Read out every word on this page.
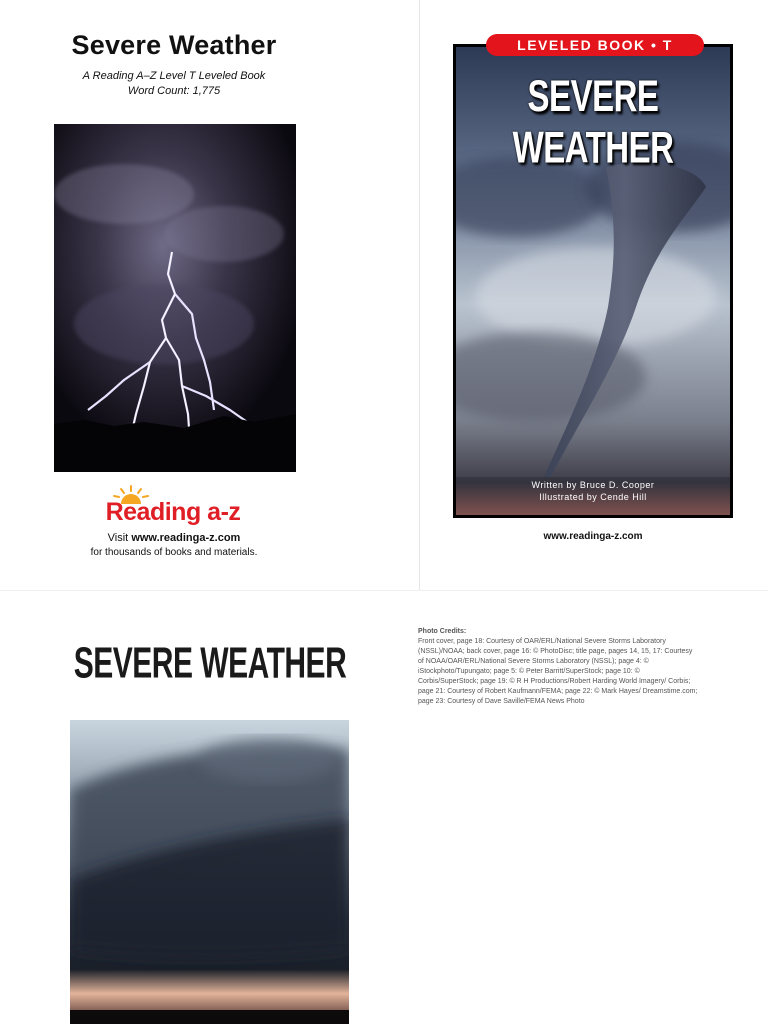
Severe Weather
A Reading A–Z Level T Leveled Book
Word Count: 1,775
Reading a-z
Visit www.readinga-z.com
for thousands of books and materials.
LEVELED BOOK • T
SEVERE WEATHER
Written by Bruce D. Cooper
Illustrated by Cende Hill
www.readinga-z.com
SEVERE WEATHER
Photo Credits:
Front cover, page 18: Courtesy of OAR/ERL/National Severe Storms Laboratory (NSSL)/NOAA; back cover, page 16: © PhotoDisc; title page, pages 14, 15, 17: Courtesy of NOAA/OAR/ERL/National Severe Storms Laboratory (NSSL); page 4: © iStockphoto/Tupungato; page 5: © Peter Barritt/SuperStock; page 10: © Corbis/SuperStock; page 19: © R H Productions/Robert Harding World Imagery/ Corbis; page 21: Courtesy of Robert Kaufmann/FEMA; page 22: © Mark Hayes/ Dreamstime.com; page 23: Courtesy of Dave Saville/FEMA News Photo
